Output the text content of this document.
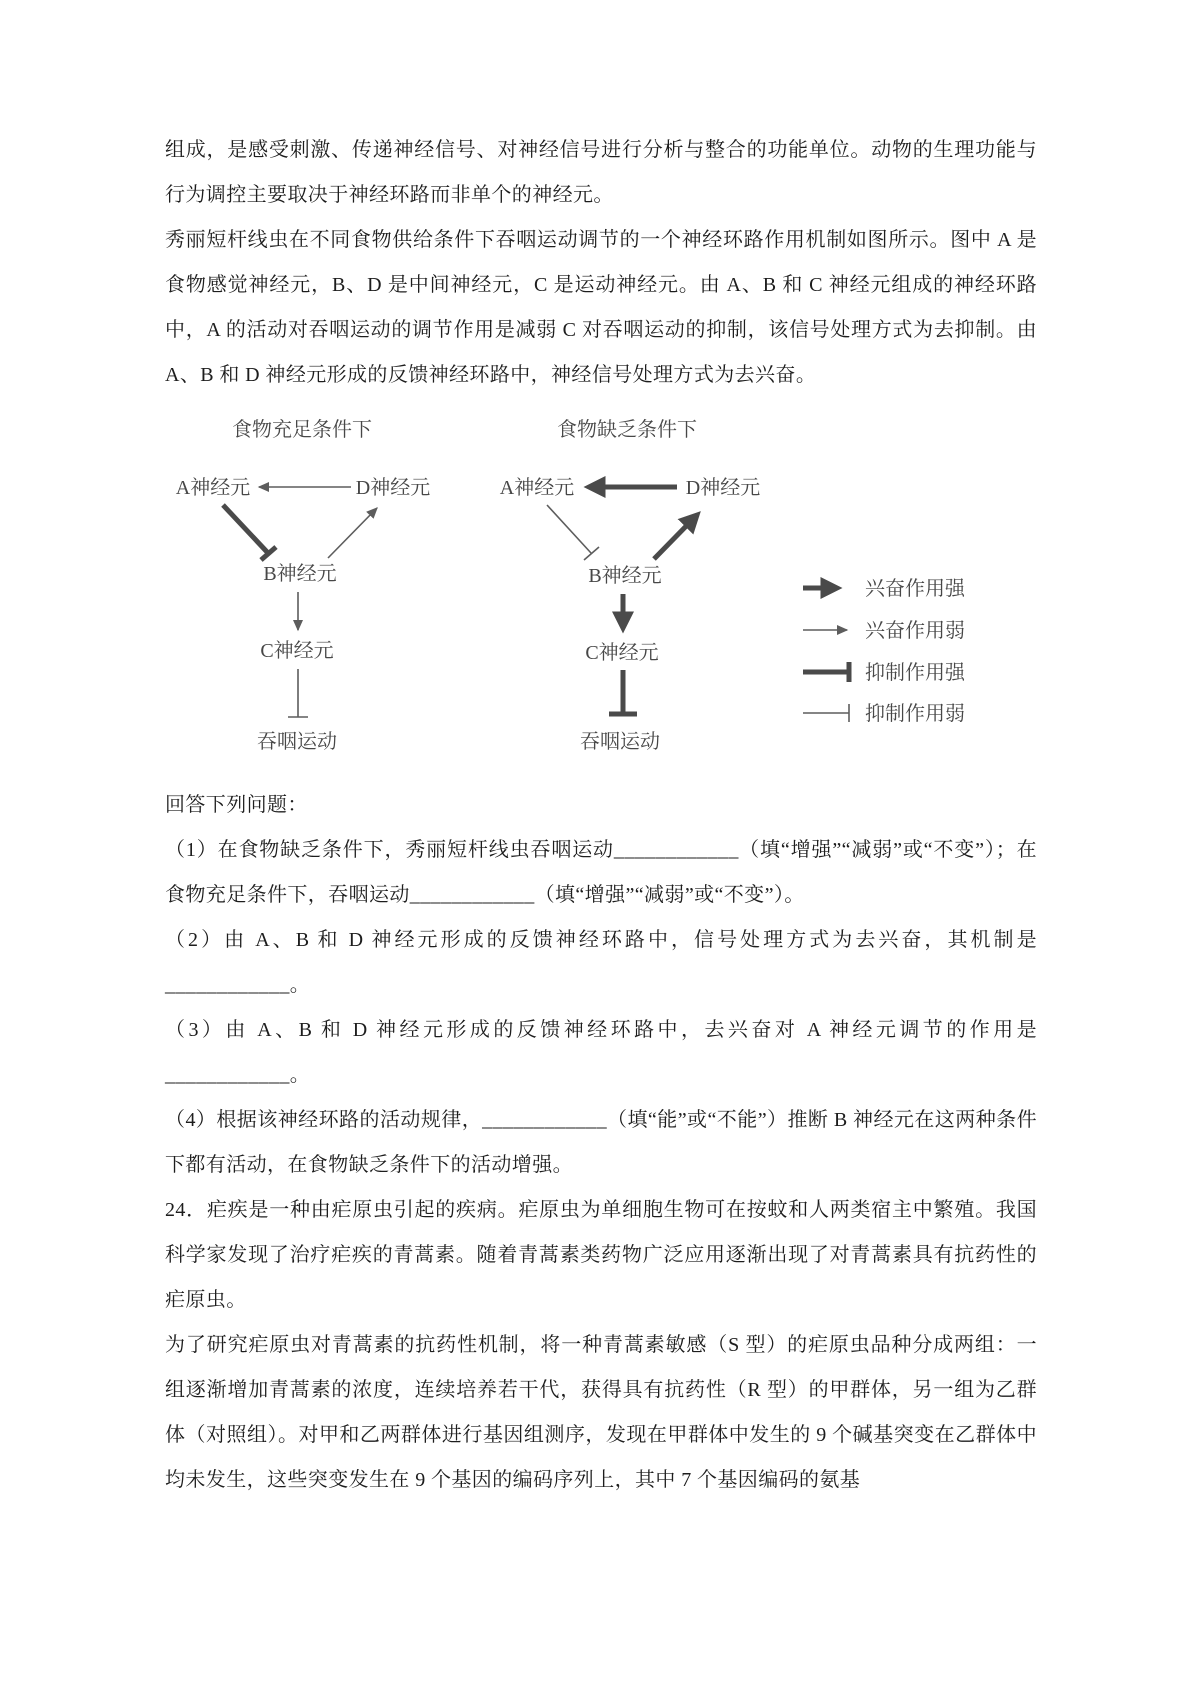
组成，是感受刺激、传递神经信号、对神经信号进行分析与整合的功能单位。动物的生理功能与行为调控主要取决于神经环路而非单个的神经元。

秀丽短杆线虫在不同食物供给条件下吞咽运动调节的一个神经环路作用机制如图所示。图中 A 是食物感觉神经元，B、D 是中间神经元，C 是运动神经元。由 A、B 和 C 神经元组成的神经环路中，A 的活动对吞咽运动的调节作用是减弱 C 对吞咽运动的抑制，该信号处理方式为去抑制。由 A、B 和 D 神经元形成的反馈神经环路中，神经信号处理方式为去兴奋。

食物充足条件下
A神经元	D神经元
B神经元
C神经元
吞咽运动
食物缺乏条件下
A神经元	D神经元
B神经元
C神经元
吞咽运动
兴奋作用强
兴奋作用弱
抑制作用强
抑制作用弱

回答下列问题：

（1）在食物缺乏条件下，秀丽短杆线虫吞咽运动____________（填“增强”“减弱”或“不变”）；在食物充足条件下，吞咽运动____________（填“增强”“减弱”或“不变”）。

（2）由 A、B 和 D 神经元形成的反馈神经环路中，信号处理方式为去兴奋，其机制是____________。

（3）由 A、B 和 D 神经元形成的反馈神经环路中，去兴奋对 A 神经元调节的作用是____________。

（4）根据该神经环路的活动规律，____________（填“能”或“不能”）推断 B 神经元在这两种条件下都有活动，在食物缺乏条件下的活动增强。

24．疟疾是一种由疟原虫引起的疾病。疟原虫为单细胞生物可在按蚊和人两类宿主中繁殖。我国科学家发现了治疗疟疾的青蒿素。随着青蒿素类药物广泛应用逐渐出现了对青蒿素具有抗药性的疟原虫。

为了研究疟原虫对青蒿素的抗药性机制，将一种青蒿素敏感（S 型）的疟原虫品种分成两组：一组逐渐增加青蒿素的浓度，连续培养若干代，获得具有抗药性（R 型）的甲群体，另一组为乙群体（对照组）。对甲和乙两群体进行基因组测序，发现在甲群体中发生的 9 个碱基突变在乙群体中均未发生，这些突变发生在 9 个基因的编码序列上，其中 7 个基因编码的氨基
